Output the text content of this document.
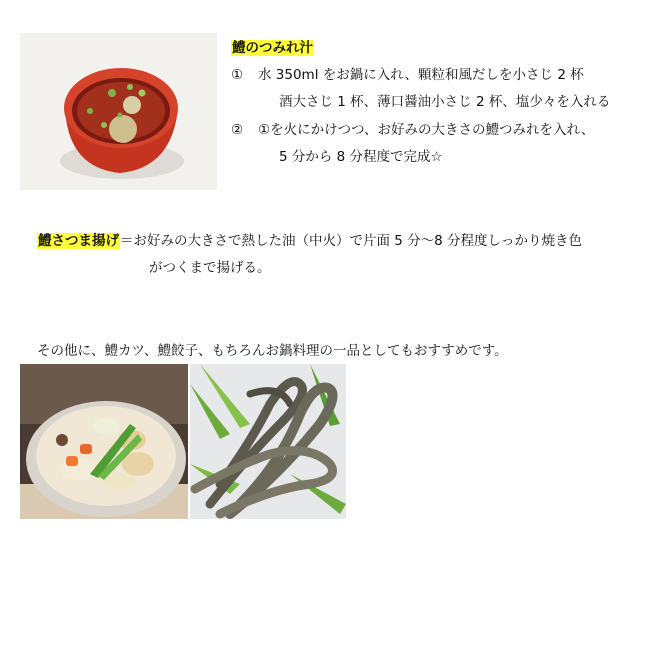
鱧のつみれ汁
① 水 350ml をお鍋に入れ、顆粒和風だしを小さじ 2 杯
酒大さじ 1 杯、薄口醤油小さじ 2 杯、塩少々を入れる
② ①を火にかけつつ、お好みの大きさの鱧つみれを入れ、
5 分から 8 分程度で完成☆
鱧さつま揚げ＝お好みの大きさで熱した油（中火）で片面 5 分～8 分程度しっかり焼き色
がつくまで揚げる。
その他に、鱧カツ、鱧餃子、もちろんお鍋料理の一品としてもおすすめです。
